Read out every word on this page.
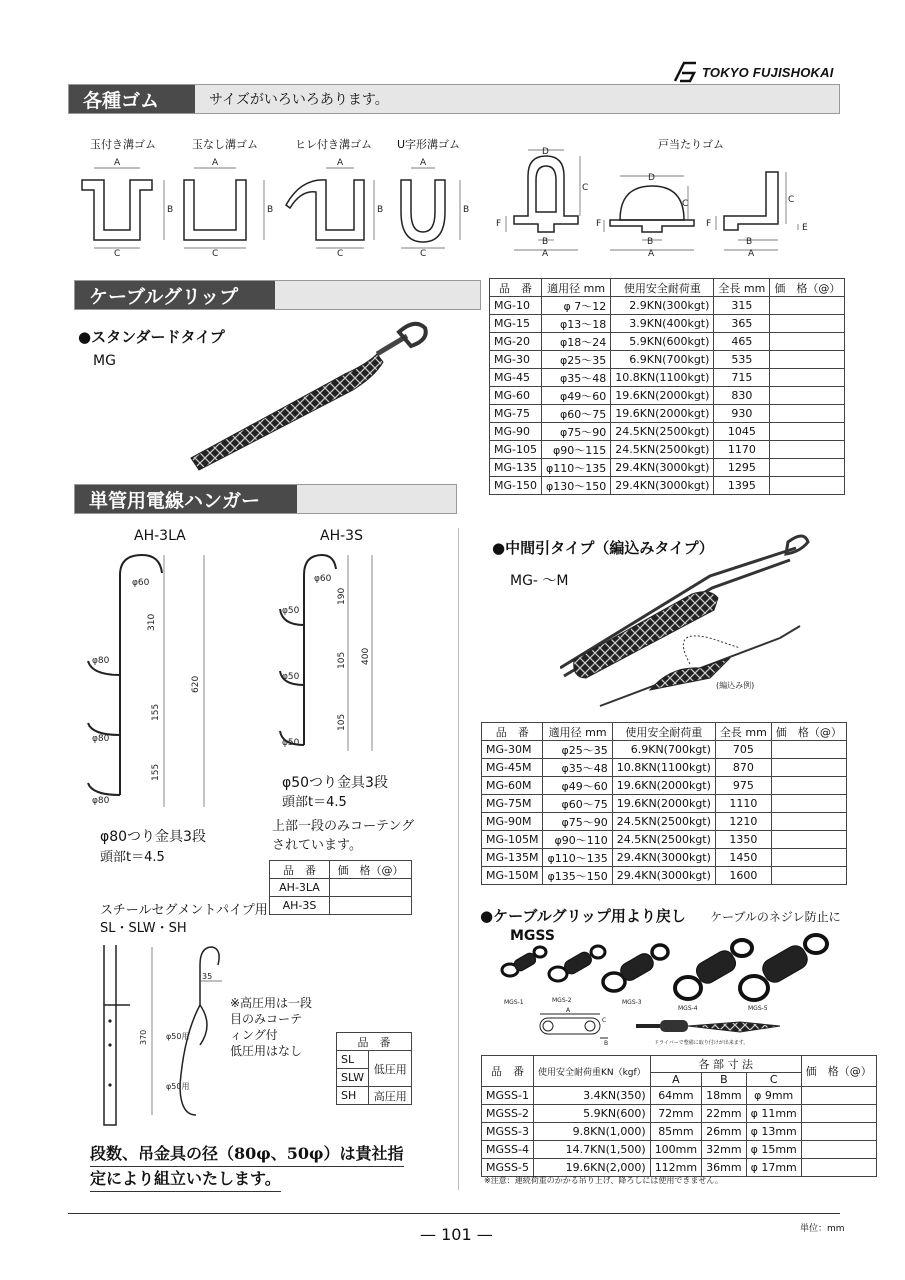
TOKYO FUJISHOKAI
各種ゴム	サイズがいろいろあります。
玉付き溝ゴム	玉なし溝ゴム	ヒレ付き溝ゴム U字形溝ゴム	戸当たりゴム
A
C
B
A
C
B
A
C
B
A
C
B
D
C
B
A
F
D
C
B
A
F
C
B
A
F	E
ケーブルグリップ
●スタンダードタイプ
MG
品　番	適用径 mm	使用安全耐荷重	全長 mm	価　格（@）
MG-10	φ 7〜12	2.9KN(300kgt)	315	
MG-15	φ13〜18	3.9KN(400kgt)	365	
MG-20	φ18〜24	5.9KN(600kgt)	465	
MG-30	φ25〜35	6.9KN(700kgt)	535	
MG-45	φ35〜48	10.8KN(1100kgt)	715	
MG-60	φ49〜60	19.6KN(2000kgt)	830	
MG-75	φ60〜75	19.6KN(2000kgt)	930	
MG-90	φ75〜90	24.5KN(2500kgt)	1045	
MG-105	φ90〜115	24.5KN(2500kgt)	1170	
MG-135	φ110〜135	29.4KN(3000kgt)	1295	
MG-150	φ130〜150	29.4KN(3000kgt)	1395	
●中間引タイプ（編込みタイプ）
MG- 〜M
(編込み例)
品　番	適用径 mm	使用安全耐荷重	全長 mm	価　格（@）
MG-30M	φ25〜35	6.9KN(700kgt)	705	
MG-45M	φ35〜48	10.8KN(1100kgt)	870	
MG-60M	φ49〜60	19.6KN(2000kgt)	975	
MG-75M	φ60〜75	19.6KN(2000kgt)	1110	
MG-90M	φ75〜90	24.5KN(2500kgt)	1210	
MG-105M	φ90〜110	24.5KN(2500kgt)	1350	
MG-135M	φ110〜135	29.4KN(3000kgt)	1450	
MG-150M	φ135〜150	29.4KN(3000kgt)	1600	
●ケーブルグリップ用より戻し ケーブルのネジレ防止に
MGSS
MGS-1	MGS-2	MGS-3
MGS-4	MGS-5
A
B
C
ドライバーで整備に取り付けが出来ます。
品　番	使用安全耐荷重KN（kgf）	各 部 寸 法			価　格（@）
		A	B	C	
MGSS-1	3.4KN(350)	64mm	18mm	φ 9mm	
MGSS-2	5.9KN(600)	72mm	22mm	φ 11mm	
MGSS-3	9.8KN(1,000)	85mm	26mm	φ 13mm	
MGSS-4	14.7KN(1,500)	100mm	32mm	φ 15mm	
MGSS-5	19.6KN(2,000)	112mm	36mm	φ 17mm	
※注意：連続荷重のかかる吊り上げ、降ろしには使用できません。
単管用電線ハンガー
AH-3LA	AH-3S
φ60
φ80
φ80
φ80
310
155
155
620
φ80つり金具3段
頭部t＝4.5
φ60
φ50
φ50
φ50
190
105
105
400
φ50つり金具3段
頭部t＝4.5
上部一段のみコーテング
されています。
品　番	価　格（@）
AH-3LA	
AH-3S	
スチールセグメントパイプ用
SL・SLW・SH
370
35
φ50用
φ50用
※高圧用は一段
目のみコーテ
ィング付
低圧用はなし
品　番	
SL	低圧用
SLW	
SH	高圧用
段数、吊金具の径（80φ、50φ）は貴社指
定により組立いたします。
— 101 —	単位：mm
